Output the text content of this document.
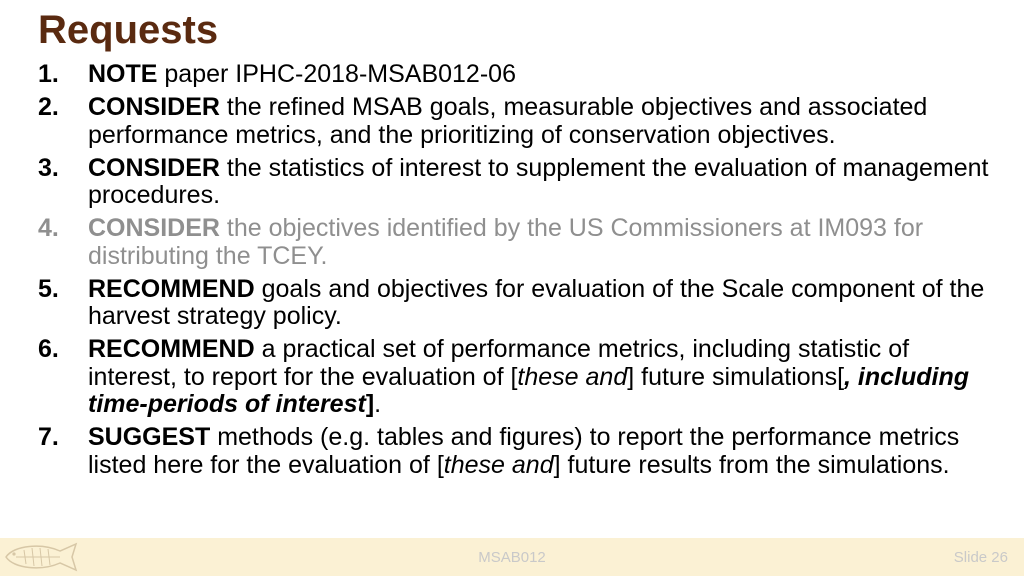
Requests
1.	NOTE paper IPHC-2018-MSAB012-06
2.	CONSIDER the refined MSAB goals, measurable objectives and associated performance metrics, and the prioritizing of conservation objectives.
3.	CONSIDER the statistics of interest to supplement the evaluation of management procedures.
4.	CONSIDER the objectives identified by the US Commissioners at IM093 for distributing the TCEY.
5.	RECOMMEND goals and objectives for evaluation of the Scale component of the harvest strategy policy.
6.	RECOMMEND a practical set of performance metrics, including statistic of interest, to report for the evaluation of [these and] future simulations[, including time-periods of interest].
7.	SUGGEST methods (e.g. tables and figures) to report the performance metrics listed here for the evaluation of [these and] future results from the simulations.
MSAB012	Slide 26
